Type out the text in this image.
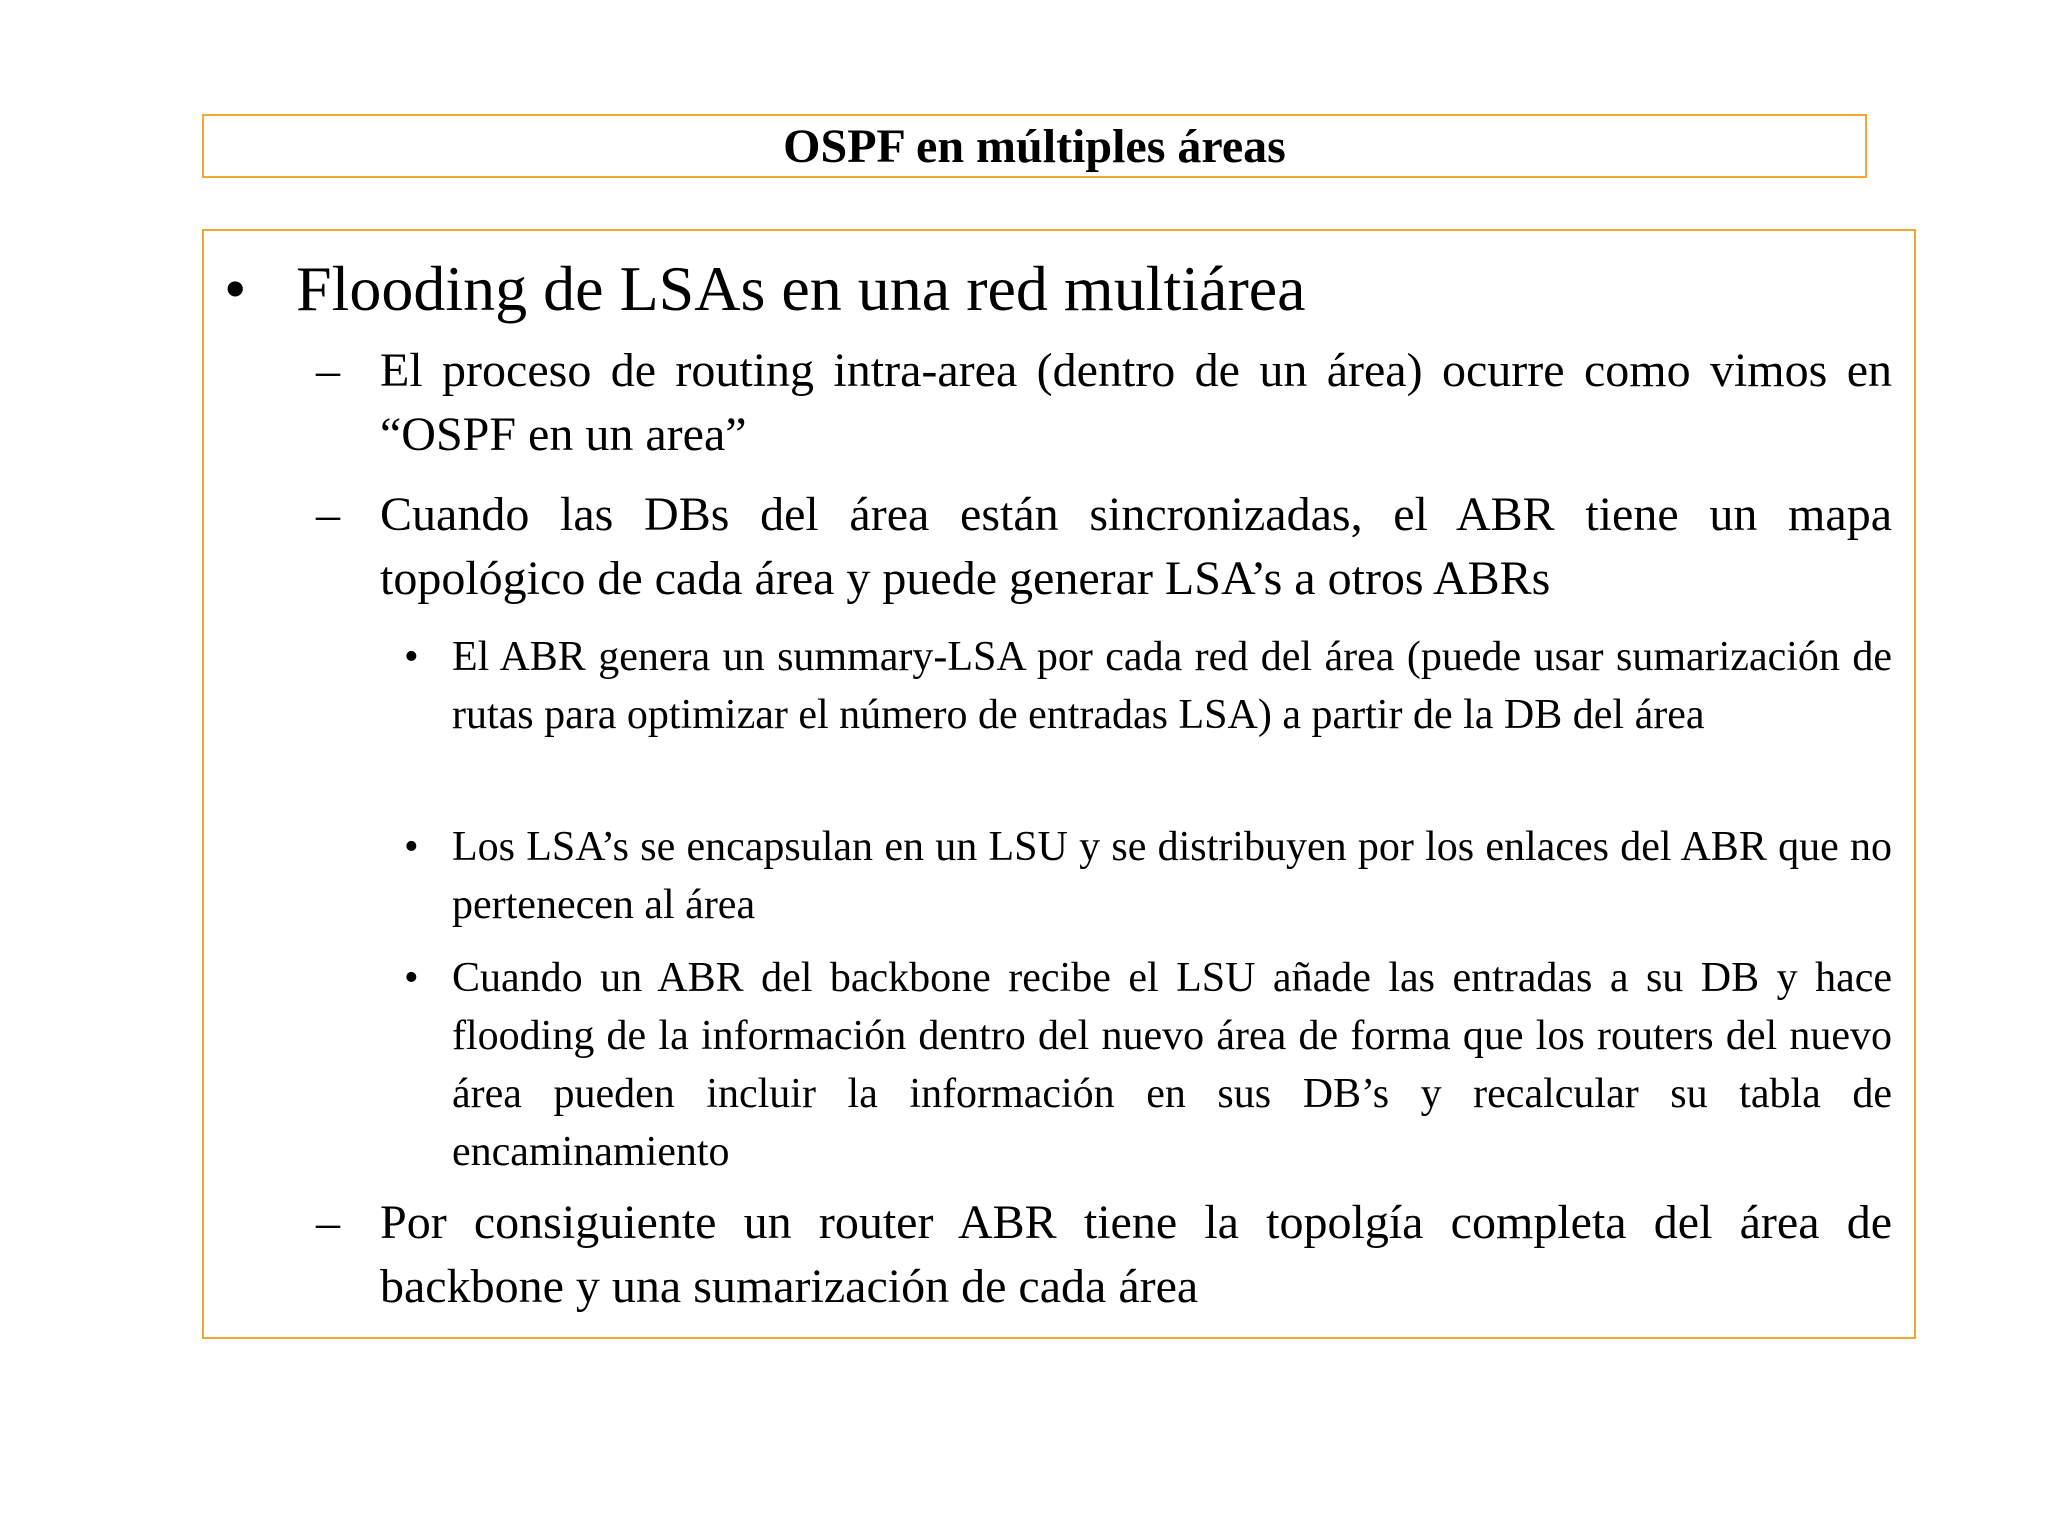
OSPF en múltiples áreas
• Flooding de LSAs en una red multiárea
– El proceso de routing intra-area (dentro de un área) ocurre como vimos en “OSPF en un area”
– Cuando las DBs del área están sincronizadas, el ABR tiene un mapa topológico de cada área y puede generar LSA’s a otros ABRs
• El ABR genera un summary-LSA por cada red del área (puede usar sumarización de rutas para optimizar el número de entradas LSA) a partir de la DB del área
• Los LSA’s se encapsulan en un LSU y se distribuyen por los enlaces del ABR que no pertenecen al área
• Cuando un ABR del backbone recibe el LSU añade las entradas a su DB y hace flooding de la información dentro del nuevo área de forma que los routers del nuevo área pueden incluir la información en sus DB’s y recalcular su tabla de encaminamiento
– Por consiguiente un router ABR tiene la topolgía completa del área de backbone y una sumarización de cada área
